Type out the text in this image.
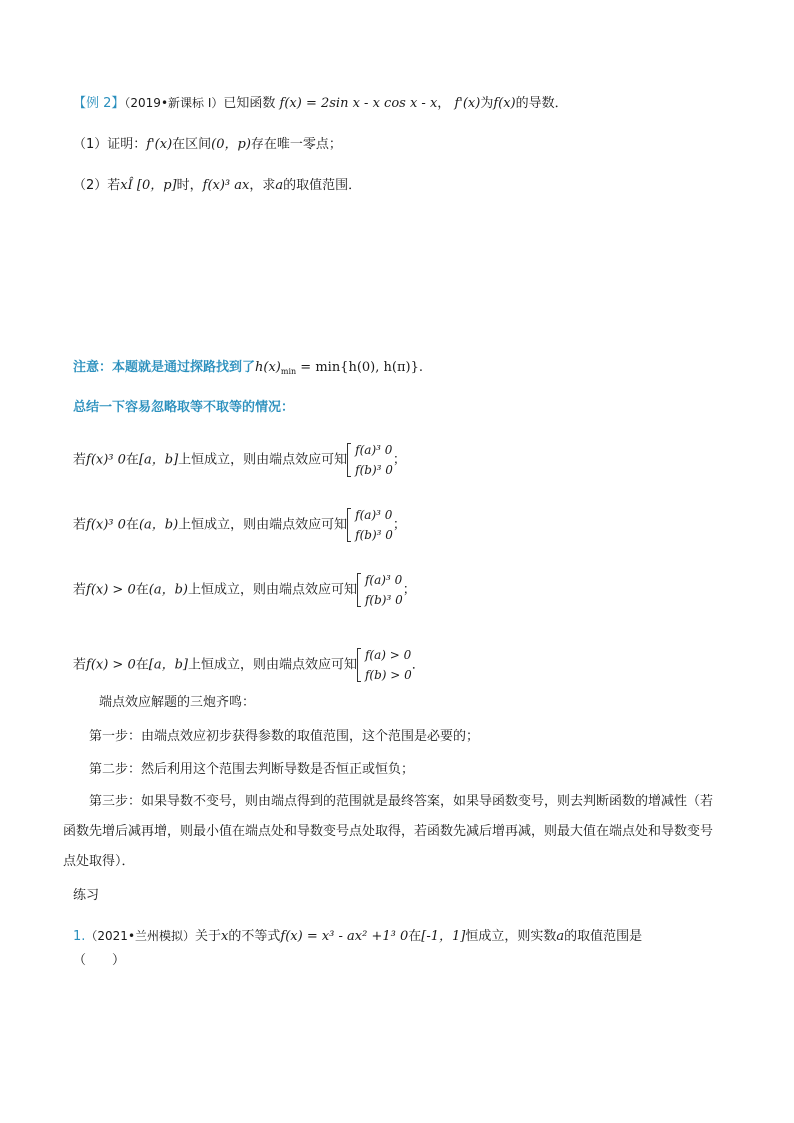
【例 2】（2019•新课标 I）已知函数 f(x) = 2sin x - x cos x - x， f'(x)为f(x)的导数．
（1）证明：f'(x)在区间(0，p)存在唯一零点；
（2）若xÎ [0，p]时，f(x)³ ax，求a的取值范围．
注意：本题就是通过探路找到了$h(x)_{min} = \min\{h(0)$, h(π)}.
总结一下容易忽略取等不取等的情况：
若f(x)³ 0在[a，b]上恒成立，则由端点效应可知
f(a)³ 0
f(b)³ 0
；
若f(x)³ 0在(a，b)上恒成立，则由端点效应可知
f(a)³ 0
f(b)³ 0
；
若f(x) > 0在(a，b)上恒成立，则由端点效应可知
f(a)³ 0
f(b)³ 0
；
若f(x) > 0在[a，b]上恒成立，则由端点效应可知
f(a) > 0
f(b) > 0
．
端点效应解题的三炮齐鸣：
第一步：由端点效应初步获得参数的取值范围，这个范围是必要的；
第二步：然后利用这个范围去判断导数是否恒正或恒负；
第三步：如果导数不变号，则由端点得到的范围就是最终答案，如果导函数变号，则去判断函数的增减性（若函数先增后减再增，则最小值在端点处和导数变号点处取得，若函数先减后增再减，则最大值在端点处和导数变号点处取得）．
练习
1.（2021•兰州模拟）关于x的不等式f(x) = x³ - ax² +1³ 0在[-1，1]恒成立，则实数a的取值范围是
（　　）
